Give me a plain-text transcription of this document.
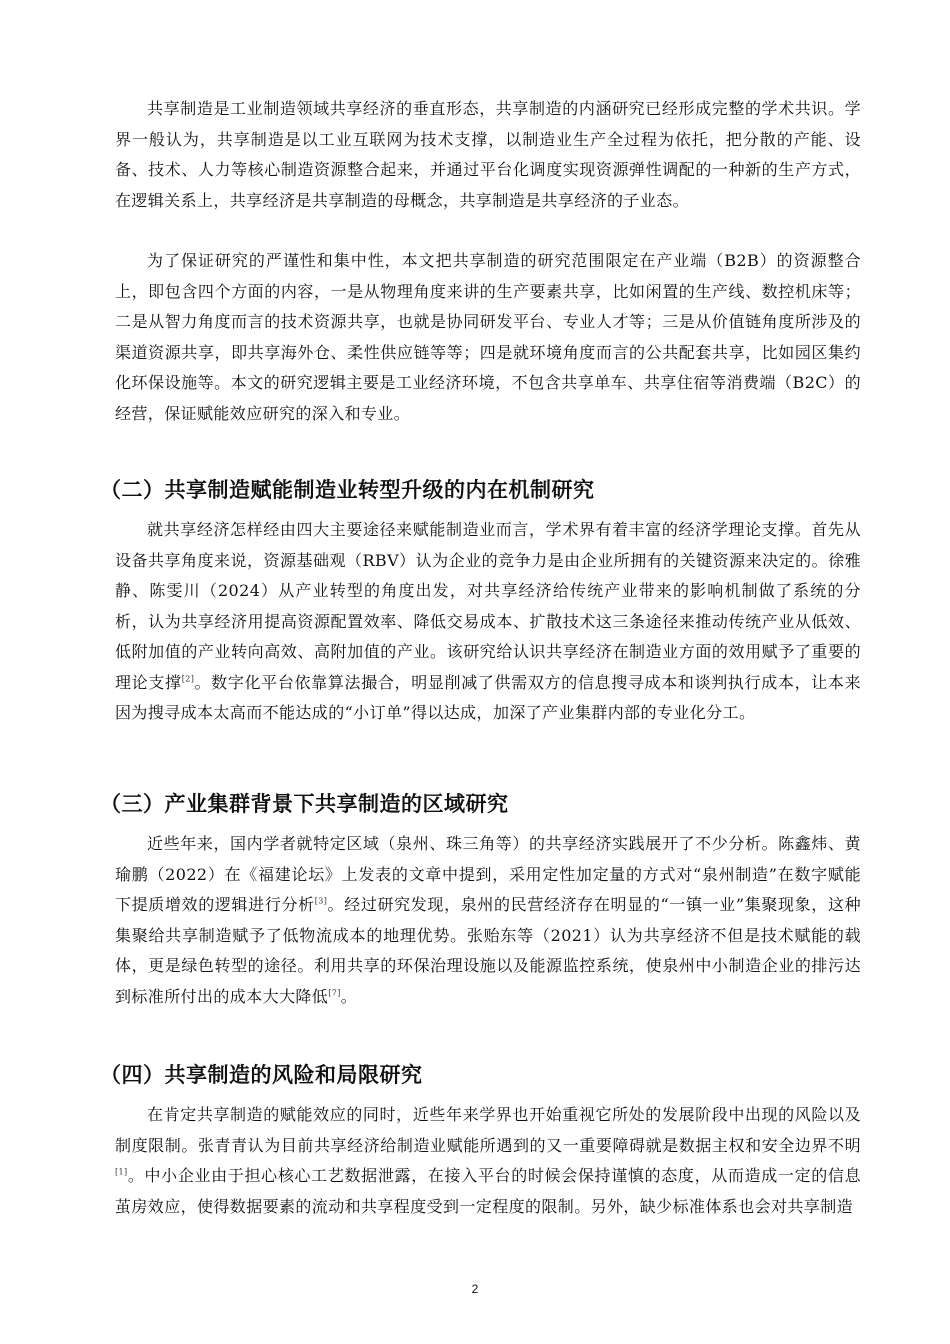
共享制造是工业制造领域共享经济的垂直形态，共享制造的内涵研究已经形成完整的学术共识。学界一般认为，共享制造是以工业互联网为技术支撑，以制造业生产全过程为依托，把分散的产能、设备、技术、人力等核心制造资源整合起来，并通过平台化调度实现资源弹性调配的一种新的生产方式，在逻辑关系上，共享经济是共享制造的母概念，共享制造是共享经济的子业态。

为了保证研究的严谨性和集中性，本文把共享制造的研究范围限定在产业端（B2B）的资源整合上，即包含四个方面的内容，一是从物理角度来讲的生产要素共享，比如闲置的生产线、数控机床等；二是从智力角度而言的技术资源共享，也就是协同研发平台、专业人才等；三是从价值链角度所涉及的渠道资源共享，即共享海外仓、柔性供应链等等；四是就环境角度而言的公共配套共享，比如园区集约化环保设施等。本文的研究逻辑主要是工业经济环境，不包含共享单车、共享住宿等消费端（B2C）的经营，保证赋能效应研究的深入和专业。

（二）共享制造赋能制造业转型升级的内在机制研究

就共享经济怎样经由四大主要途径来赋能制造业而言，学术界有着丰富的经济学理论支撑。首先从设备共享角度来说，资源基础观（RBV）认为企业的竞争力是由企业所拥有的关键资源来决定的。徐雅静、陈雯川（2024）从产业转型的角度出发，对共享经济给传统产业带来的影响机制做了系统的分析，认为共享经济用提高资源配置效率、降低交易成本、扩散技术这三条途径来推动传统产业从低效、低附加值的产业转向高效、高附加值的产业。该研究给认识共享经济在制造业方面的效用赋予了重要的理论支撑[2]。数字化平台依靠算法撮合，明显削减了供需双方的信息搜寻成本和谈判执行成本，让本来因为搜寻成本太高而不能达成的“小订单”得以达成，加深了产业集群内部的专业化分工。

（三）产业集群背景下共享制造的区域研究

近些年来，国内学者就特定区域（泉州、珠三角等）的共享经济实践展开了不少分析。陈鑫炜、黄瑜鹏（2022）在《福建论坛》上发表的文章中提到，采用定性加定量的方式对“泉州制造”在数字赋能下提质增效的逻辑进行分析[3]。经过研究发现，泉州的民营经济存在明显的“一镇一业”集聚现象，这种集聚给共享制造赋予了低物流成本的地理优势。张贻东等（2021）认为共享经济不但是技术赋能的载体，更是绿色转型的途径。利用共享的环保治理设施以及能源监控系统，使泉州中小制造企业的排污达到标准所付出的成本大大降低[7]。

（四）共享制造的风险和局限研究

在肯定共享制造的赋能效应的同时，近些年来学界也开始重视它所处的发展阶段中出现的风险以及制度限制。张青青认为目前共享经济给制造业赋能所遇到的又一重要障碍就是数据主权和安全边界不明[1]。中小企业由于担心核心工艺数据泄露，在接入平台的时候会保持谨慎的态度，从而造成一定的信息茧房效应，使得数据要素的流动和共享程度受到一定程度的限制。另外，缺少标准体系也会对共享制造

2
